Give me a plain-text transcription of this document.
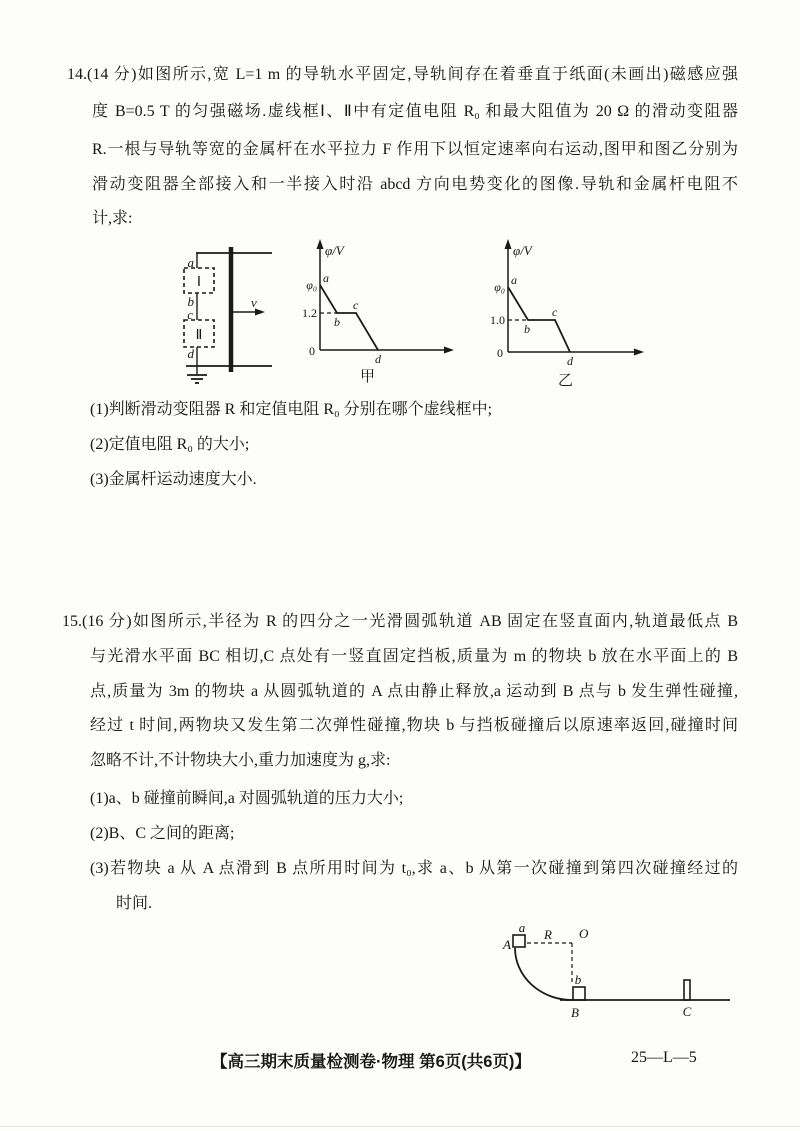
14.(14 分)如图所示,宽 L=1 m 的导轨水平固定,导轨间存在着垂直于纸面(未画出)磁感应强
度 B=0.5 T 的匀强磁场.虚线框Ⅰ、Ⅱ中有定值电阻 R₀ 和最大阻值为 20 Ω 的滑动变阻器
R.一根与导轨等宽的金属杆在水平拉力 F 作用下以恒定速率向右运动,图甲和图乙分别为
滑动变阻器全部接入和一半接入时沿 abcd 方向电势变化的图像.导轨和金属杆电阻不
计,求:
a
Ⅰ
b
c
Ⅱ
d
v
φ/V
φ₀ a
1.2
b
c
0
d
甲
φ/V
φ₀ a
1.0
b
c
0
d
乙
(1)判断滑动变阻器 R 和定值电阻 R₀ 分别在哪个虚线框中;
(2)定值电阻 R₀ 的大小;
(3)金属杆运动速度大小.
15.(16 分)如图所示,半径为 R 的四分之一光滑圆弧轨道 AB 固定在竖直面内,轨道最低点 B
与光滑水平面 BC 相切,C 点处有一竖直固定挡板,质量为 m 的物块 b 放在水平面上的 B
点,质量为 3m 的物块 a 从圆弧轨道的 A 点由静止释放,a 运动到 B 点与 b 发生弹性碰撞,
经过 t 时间,两物块又发生第二次弹性碰撞,物块 b 与挡板碰撞后以原速率返回,碰撞时间
忽略不计,不计物块大小,重力加速度为 g,求:
(1)a、b 碰撞前瞬间,a 对圆弧轨道的压力大小;
(2)B、C 之间的距离;
(3)若物块 a 从 A 点滑到 B 点所用时间为 t₀,求 a、b 从第一次碰撞到第四次碰撞经过的
时间.
a
A
R O
b
B	C
【高三期末质量检测卷·物理 第6页(共6页)】	25—L—5
